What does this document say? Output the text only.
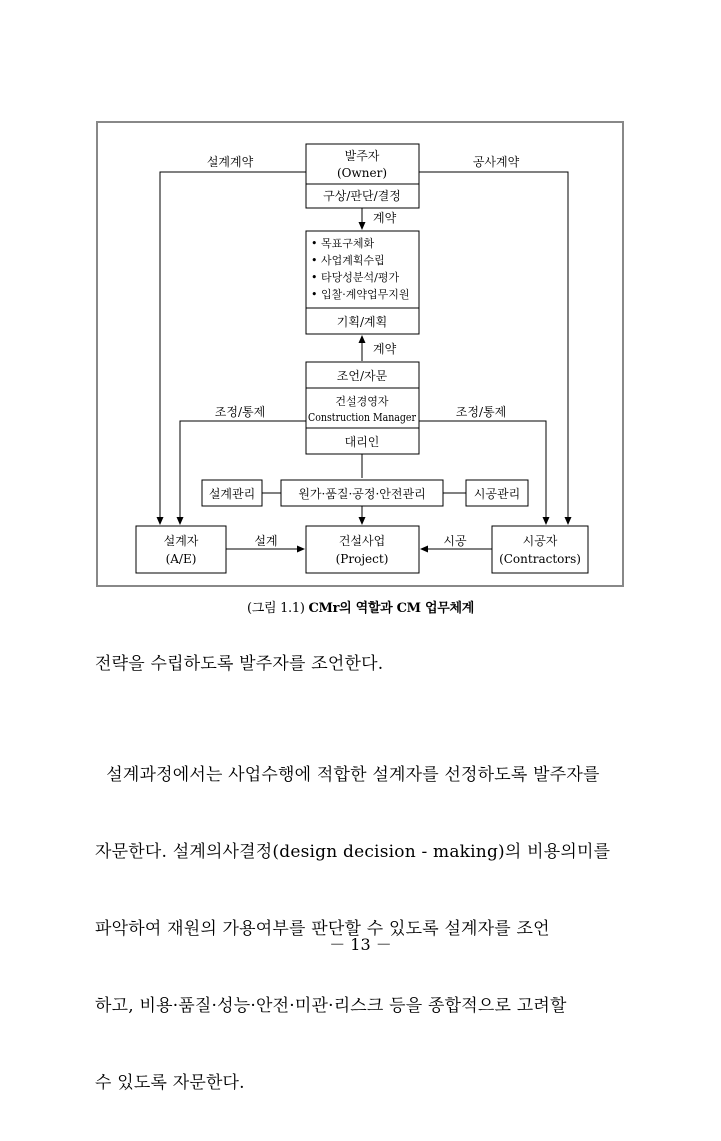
발주자
(Owner)
구상/판단/결정
계약
• 목표구체화
• 사업계획수립
• 타당성분석/평가
• 입찰·계약업무지원
기획/계획
계약
조언/자문
건설경영자
Construction Manager
대리인
설계계약	공사계약
조정/통제	조정/통제
설계관리	원가·품질·공정·안전관리	시공관리
설계자
(A/E)
건설사업
(Project)
시공자
(Contractors)
설계	시공
(그림 1.1) CMr의 역할과 CM 업무체계
전략을 수립하도록 발주자를 조언한다.

설계과정에서는 사업수행에 적합한 설계자를 선정하도록 발주자를

자문한다. 설계의사결정(design decision - making)의 비용의미를

파악하여 재원의 가용여부를 판단할 수 있도록 설계자를 조언

하고, 비용·품질·성능·안전·미관·리스크 등을 종합적으로 고려할

수 있도록 자문한다.

－ 13 －
